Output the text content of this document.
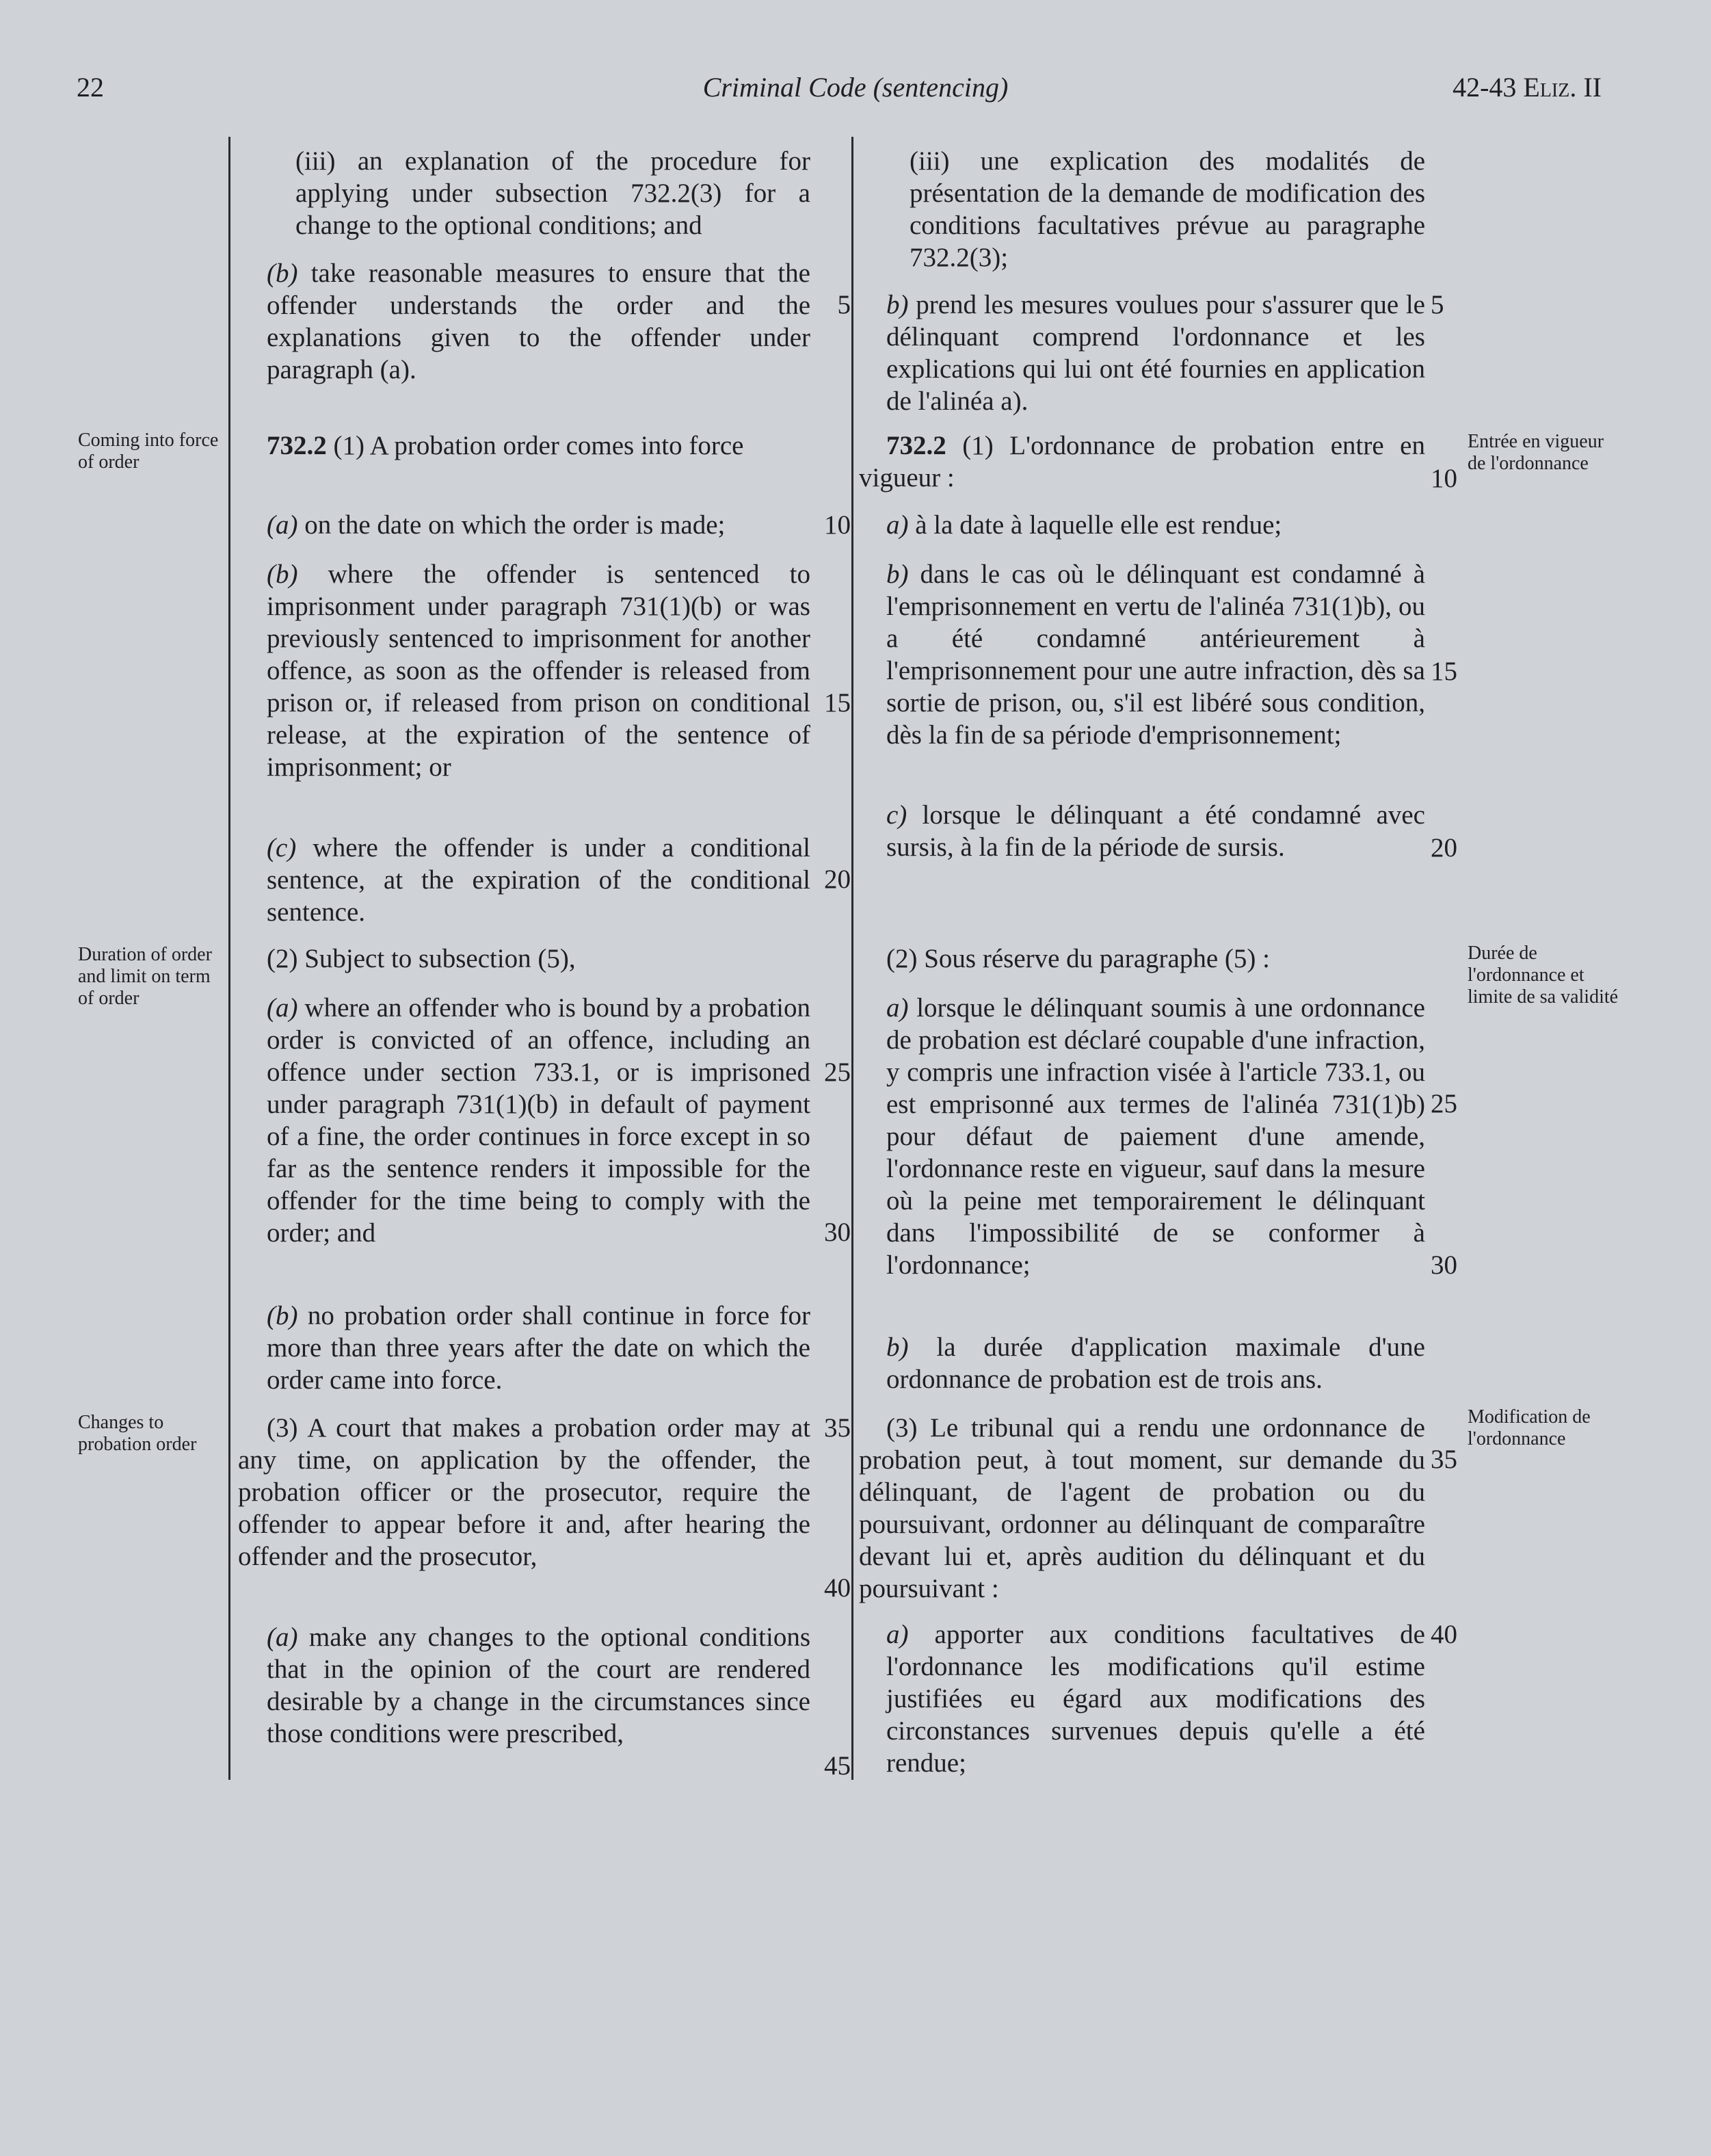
22	Criminal Code (sentencing)	42-43 Eliz. II
Coming into force of order
Duration of order and limit on term of order
Changes to probation order
Entrée en vigueur de l'ordonnance
Durée de l'ordonnance et limite de sa validité
Modification de l'ordonnance
(iii) an explanation of the procedure for applying under subsection 732.2(3) for a change to the optional conditions; and
(b) take reasonable measures to ensure that the offender understands the order and the explanations given to the offender under paragraph (a).
732.2 (1) A probation order comes into force
(a) on the date on which the order is made;
(b) where the offender is sentenced to imprisonment under paragraph 731(1)(b) or was previously sentenced to imprisonment for another offence, as soon as the offender is released from prison or, if released from prison on conditional release, at the expiration of the sentence of imprisonment; or
(c) where the offender is under a conditional sentence, at the expiration of the conditional sentence.
(2) Subject to subsection (5),
(a) where an offender who is bound by a probation order is convicted of an offence, including an offence under section 733.1, or is imprisoned under paragraph 731(1)(b) in default of payment of a fine, the order continues in force except in so far as the sentence renders it impossible for the offender for the time being to comply with the order; and
(b) no probation order shall continue in force for more than three years after the date on which the order came into force.
(3) A court that makes a probation order may at any time, on application by the offender, the probation officer or the prosecutor, require the offender to appear before it and, after hearing the offender and the prosecutor,
(a) make any changes to the optional conditions that in the opinion of the court are rendered desirable by a change in the circumstances since those conditions were prescribed,
5
10
15
20
25
30
35
40
45
(iii) une explication des modalités de présentation de la demande de modification des conditions facultatives prévue au paragraphe 732.2(3);
b) prend les mesures voulues pour s'assurer que le délinquant comprend l'ordonnance et les explications qui lui ont été fournies en application de l'alinéa a).
732.2 (1) L'ordonnance de probation entre en vigueur :
a) à la date à laquelle elle est rendue;
b) dans le cas où le délinquant est condamné à l'emprisonnement en vertu de l'alinéa 731(1)b), ou a été condamné antérieurement à l'emprisonnement pour une autre infraction, dès sa sortie de prison, ou, s'il est libéré sous condition, dès la fin de sa période d'emprisonnement;
c) lorsque le délinquant a été condamné avec sursis, à la fin de la période de sursis.
(2) Sous réserve du paragraphe (5) :
a) lorsque le délinquant soumis à une ordonnance de probation est déclaré coupable d'une infraction, y compris une infraction visée à l'article 733.1, ou est emprisonné aux termes de l'alinéa 731(1)b) pour défaut de paiement d'une amende, l'ordonnance reste en vigueur, sauf dans la mesure où la peine met temporairement le délinquant dans l'impossibilité de se conformer à l'ordonnance;
b) la durée d'application maximale d'une ordonnance de probation est de trois ans.
(3) Le tribunal qui a rendu une ordonnance de probation peut, à tout moment, sur demande du délinquant, de l'agent de probation ou du poursuivant, ordonner au délinquant de comparaître devant lui et, après audition du délinquant et du poursuivant :
a) apporter aux conditions facultatives de l'ordonnance les modifications qu'il estime justifiées eu égard aux modifications des circonstances survenues depuis qu'elle a été rendue;
5
10
15
20
25
30
35
40
